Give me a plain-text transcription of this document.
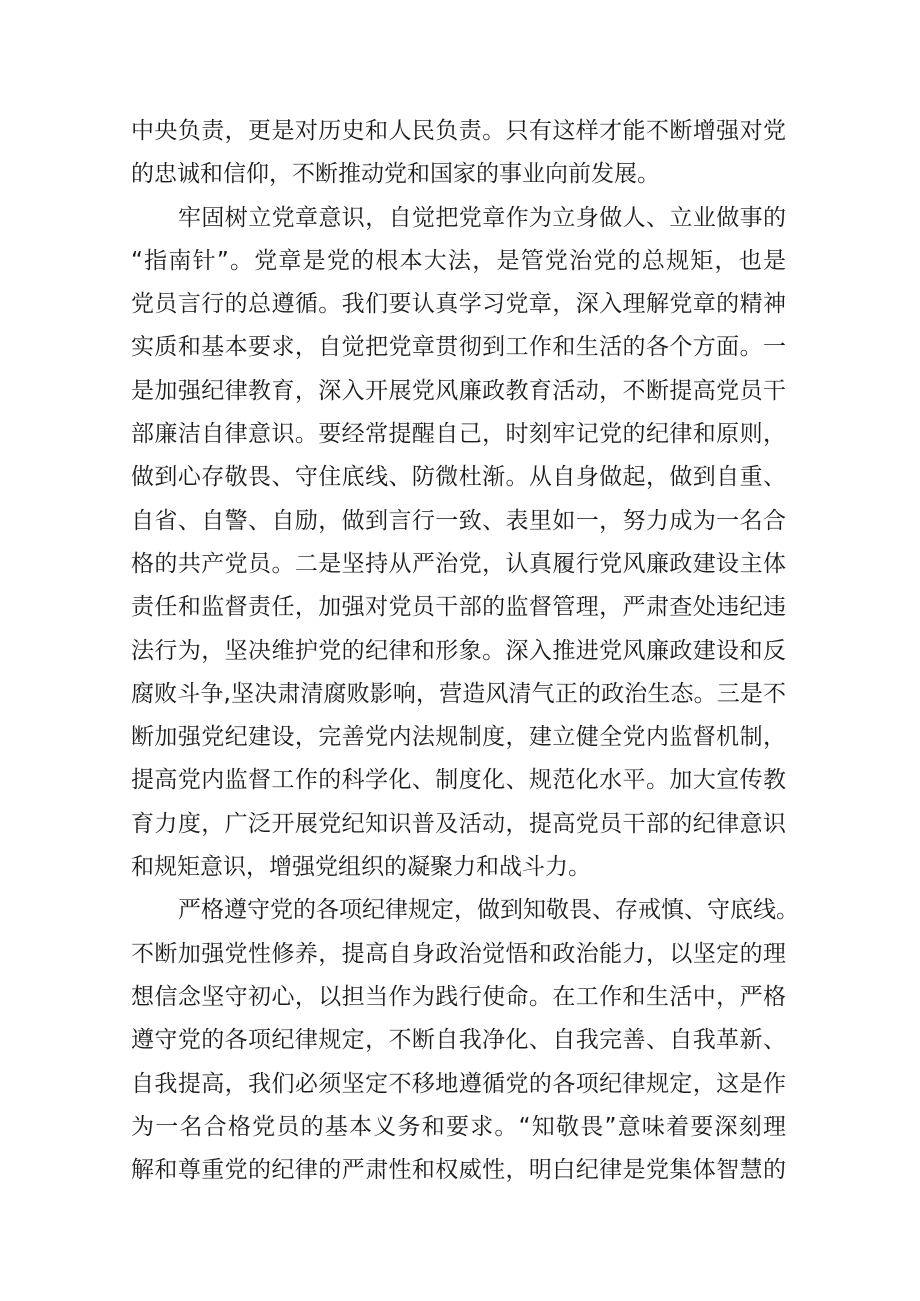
中央负责，更是对历史和人民负责。只有这样才能不断增强对党
的忠诚和信仰，不断推动党和国家的事业向前发展。
牢固树立党章意识，自觉把党章作为立身做人、立业做事的
“指南针”。党章是党的根本大法，是管党治党的总规矩，也是
党员言行的总遵循。我们要认真学习党章，深入理解党章的精神
实质和基本要求，自觉把党章贯彻到工作和生活的各个方面。一
是加强纪律教育，深入开展党风廉政教育活动，不断提高党员干
部廉洁自律意识。要经常提醒自己，时刻牢记党的纪律和原则，
做到心存敬畏、守住底线、防微杜渐。从自身做起，做到自重、
自省、自警、自励，做到言行一致、表里如一，努力成为一名合
格的共产党员。二是坚持从严治党，认真履行党风廉政建设主体
责任和监督责任，加强对党员干部的监督管理，严肃查处违纪违
法行为，坚决维护党的纪律和形象。深入推进党风廉政建设和反
腐败斗争,坚决肃清腐败影响，营造风清气正的政治生态。三是不
断加强党纪建设，完善党内法规制度，建立健全党内监督机制，
提高党内监督工作的科学化、制度化、规范化水平。加大宣传教
育力度，广泛开展党纪知识普及活动，提高党员干部的纪律意识
和规矩意识，增强党组织的凝聚力和战斗力。
严格遵守党的各项纪律规定，做到知敬畏、存戒慎、守底线。
不断加强党性修养，提高自身政治觉悟和政治能力，以坚定的理
想信念坚守初心，以担当作为践行使命。在工作和生活中，严格
遵守党的各项纪律规定，不断自我净化、自我完善、自我革新、
自我提高，我们必须坚定不移地遵循党的各项纪律规定，这是作
为一名合格党员的基本义务和要求。“知敬畏”意味着要深刻理
解和尊重党的纪律的严肃性和权威性，明白纪律是党集体智慧的
